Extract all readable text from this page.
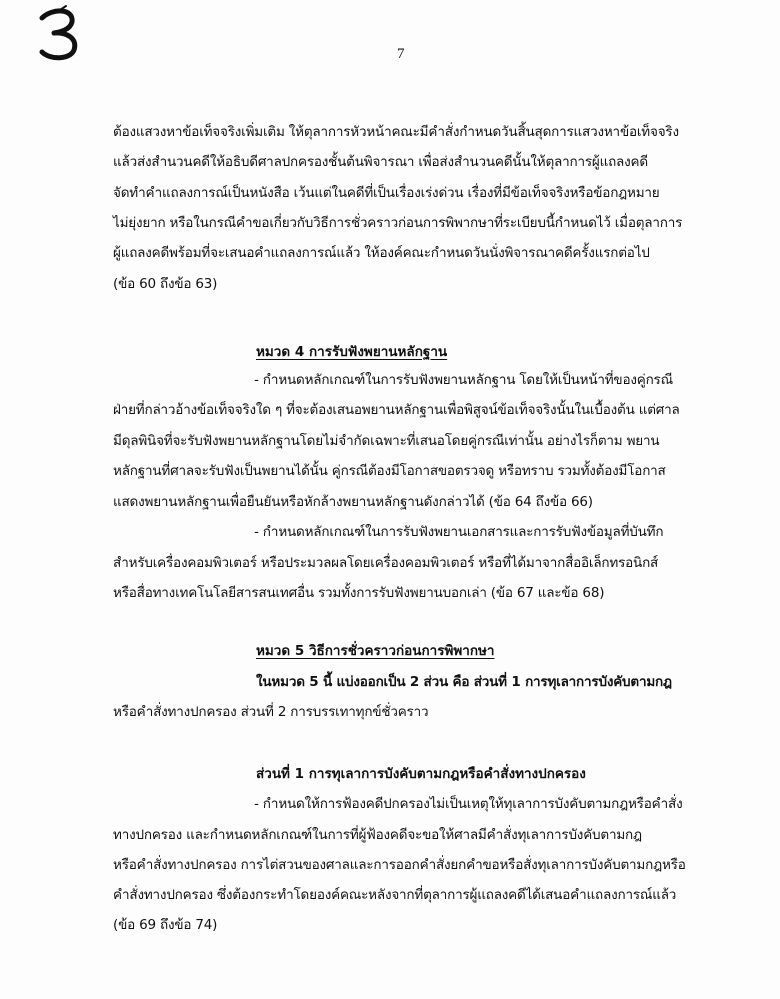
7
ต้องแสวงหาข้อเท็จจริงเพิ่มเติม ให้ตุลาการหัวหน้าคณะมีคำสั่งกำหนดวันสิ้นสุดการแสวงหาข้อเท็จจริง
แล้วส่งสำนวนคดีให้อธิบดีศาลปกครองชั้นต้นพิจารณา เพื่อส่งสำนวนคดีนั้นให้ตุลาการผู้แถลงคดี
จัดทำคำแถลงการณ์เป็นหนังสือ เว้นแต่ในคดีที่เป็นเรื่องเร่งด่วน เรื่องที่มีข้อเท็จจริงหรือข้อกฎหมาย
ไม่ยุ่งยาก หรือในกรณีคำขอเกี่ยวกับวิธีการชั่วคราวก่อนการพิพากษาที่ระเบียบนี้กำหนดไว้ เมื่อตุลาการ
ผู้แถลงคดีพร้อมที่จะเสนอคำแถลงการณ์แล้ว ให้องค์คณะกำหนดวันนั่งพิจารณาคดีครั้งแรกต่อไป
(ข้อ 60 ถึงข้อ 63)
หมวด 4 การรับฟังพยานหลักฐาน
- กำหนดหลักเกณฑ์ในการรับฟังพยานหลักฐาน โดยให้เป็นหน้าที่ของคู่กรณี
ฝ่ายที่กล่าวอ้างข้อเท็จจริงใด ๆ ที่จะต้องเสนอพยานหลักฐานเพื่อพิสูจน์ข้อเท็จจริงนั้นในเบื้องต้น แต่ศาล
มีดุลพินิจที่จะรับฟังพยานหลักฐานโดยไม่จำกัดเฉพาะที่เสนอโดยคู่กรณีเท่านั้น อย่างไรก็ตาม พยาน
หลักฐานที่ศาลจะรับฟังเป็นพยานได้นั้น คู่กรณีต้องมีโอกาสขอตรวจดู หรือทราบ รวมทั้งต้องมีโอกาส
แสดงพยานหลักฐานเพื่อยืนยันหรือหักล้างพยานหลักฐานดังกล่าวได้ (ข้อ 64 ถึงข้อ 66)
- กำหนดหลักเกณฑ์ในการรับฟังพยานเอกสารและการรับฟังข้อมูลที่บันทึก
สำหรับเครื่องคอมพิวเตอร์ หรือประมวลผลโดยเครื่องคอมพิวเตอร์ หรือที่ได้มาจากสื่ออิเล็กทรอนิกส์
หรือสื่อทางเทคโนโลยีสารสนเทศอื่น รวมทั้งการรับฟังพยานบอกเล่า (ข้อ 67 และข้อ 68)
หมวด 5 วิธีการชั่วคราวก่อนการพิพากษา
ในหมวด 5 นี้ แบ่งออกเป็น 2 ส่วน คือ ส่วนที่ 1 การทุเลาการบังคับตามกฎ
หรือคำสั่งทางปกครอง ส่วนที่ 2 การบรรเทาทุกข์ชั่วคราว
ส่วนที่ 1 การทุเลาการบังคับตามกฎหรือคำสั่งทางปกครอง
- กำหนดให้การฟ้องคดีปกครองไม่เป็นเหตุให้ทุเลาการบังคับตามกฎหรือคำสั่ง
ทางปกครอง และกำหนดหลักเกณฑ์ในการที่ผู้ฟ้องคดีจะขอให้ศาลมีคำสั่งทุเลาการบังคับตามกฎ
หรือคำสั่งทางปกครอง การไต่สวนของศาลและการออกคำสั่งยกคำขอหรือสั่งทุเลาการบังคับตามกฎหรือ
คำสั่งทางปกครอง ซึ่งต้องกระทำโดยองค์คณะหลังจากที่ตุลาการผู้แถลงคดีได้เสนอคำแถลงการณ์แล้ว
(ข้อ 69 ถึงข้อ 74)
